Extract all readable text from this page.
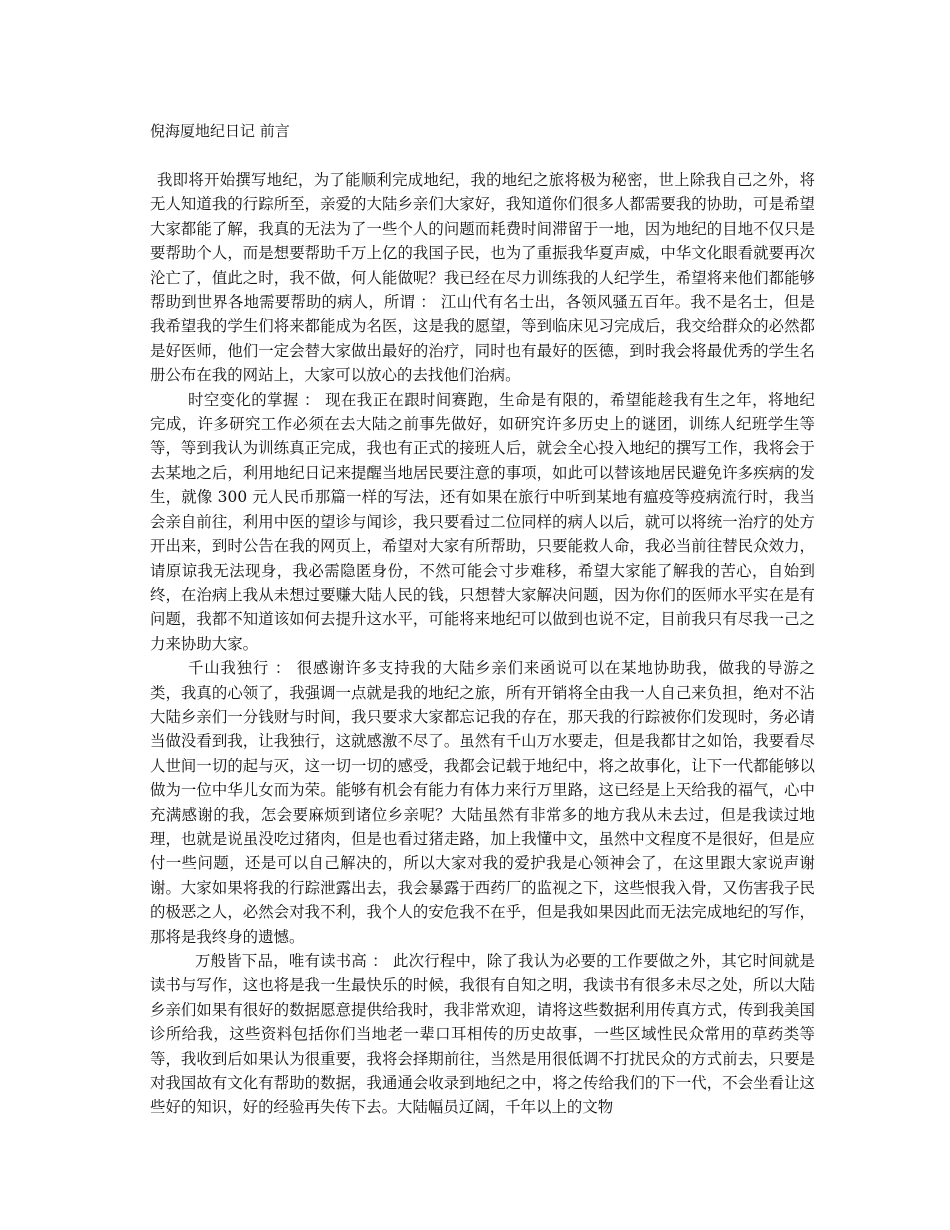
倪海厦地纪日记 前言

我即将开始撰写地纪，为了能顺利完成地纪，我的地纪之旅将极为秘密，世上除我自己之外，将无人知道我的行踪所至，亲爱的大陆乡亲们大家好，我知道你们很多人都需要我的协助，可是希望大家都能了解，我真的无法为了一些个人的问题而耗费时间滞留于一地，因为地纪的目地不仅只是要帮助个人，而是想要帮助千万上亿的我国子民，也为了重振我华夏声威，中华文化眼看就要再次沦亡了，值此之时，我不做，何人能做呢？我已经在尽力训练我的人纪学生，希望将来他们都能够帮助到世界各地需要帮助的病人，所谓 ： 江山代有名士出，各领风骚五百年。我不是名士，但是我希望我的学生们将来都能成为名医，这是我的愿望，等到临床见习完成后，我交给群众的必然都是好医师，他们一定会替大家做出最好的治疗，同时也有最好的医德，到时我会将最优秀的学生名册公布在我的网站上，大家可以放心的去找他们治病。

时空变化的掌握 ： 现在我正在跟时间赛跑，生命是有限的，希望能趁我有生之年，将地纪完成，许多研究工作必须在去大陆之前事先做好，如研究许多历史上的谜团，训练人纪班学生等等，等到我认为训练真正完成，我也有正式的接班人后，就会全心投入地纪的撰写工作，我将会于去某地之后，利用地纪日记来提醒当地居民要注意的事项，如此可以替该地居民避免许多疾病的发生，就像 300 元人民币那篇一样的写法，还有如果在旅行中听到某地有瘟疫等疫病流行时，我当会亲自前往，利用中医的望诊与闻诊，我只要看过二位同样的病人以后，就可以将统一治疗的处方开出来，到时公告在我的网页上，希望对大家有所帮助，只要能救人命，我必当前往替民众效力，请原谅我无法现身，我必需隐匿身份，不然可能会寸步难移，希望大家能了解我的苦心，自始到终，在治病上我从未想过要赚大陆人民的钱，只想替大家解决问题，因为你们的医师水平实在是有问题，我都不知道该如何去提升这水平，可能将来地纪可以做到也说不定，目前我只有尽我一己之力来协助大家。

千山我独行 ： 很感谢许多支持我的大陆乡亲们来函说可以在某地协助我，做我的导游之类，我真的心领了，我强调一点就是我的地纪之旅，所有开销将全由我一人自己来负担，绝对不沾大陆乡亲们一分钱财与时间，我只要求大家都忘记我的存在，那天我的行踪被你们发现时，务必请当做没看到我，让我独行，这就感激不尽了。虽然有千山万水要走，但是我都甘之如饴，我要看尽人世间一切的起与灭，这一切一切的感受，我都会记载于地纪中，将之故事化，让下一代都能够以做为一位中华儿女而为荣。能够有机会有能力有体力来行万里路，这已经是上天给我的福气，心中充满感谢的我，怎会要麻烦到诸位乡亲呢？大陆虽然有非常多的地方我从未去过，但是我读过地理，也就是说虽没吃过猪肉，但是也看过猪走路，加上我懂中文，虽然中文程度不是很好，但是应付一些问题，还是可以自己解决的，所以大家对我的爱护我是心领神会了，在这里跟大家说声谢谢。大家如果将我的行踪泄露出去，我会暴露于西药厂的监视之下，这些恨我入骨，又伤害我子民的极恶之人，必然会对我不利，我个人的安危我不在乎，但是我如果因此而无法完成地纪的写作，那将是我终身的遗憾。

万般皆下品，唯有读书高 ： 此次行程中，除了我认为必要的工作要做之外，其它时间就是读书与写作，这也将是我一生最快乐的时候，我很有自知之明，我读书有很多未尽之处，所以大陆乡亲们如果有很好的数据愿意提供给我时，我非常欢迎，请将这些数据利用传真方式，传到我美国诊所给我，这些资料包括你们当地老一辈口耳相传的历史故事，一些区域性民众常用的草药类等等，我收到后如果认为很重要，我将会择期前往，当然是用很低调不打扰民众的方式前去，只要是对我国故有文化有帮助的数据，我通通会收录到地纪之中，将之传给我们的下一代，不会坐看让这些好的知识，好的经验再失传下去。大陆幅员辽阔，千年以上的文物
